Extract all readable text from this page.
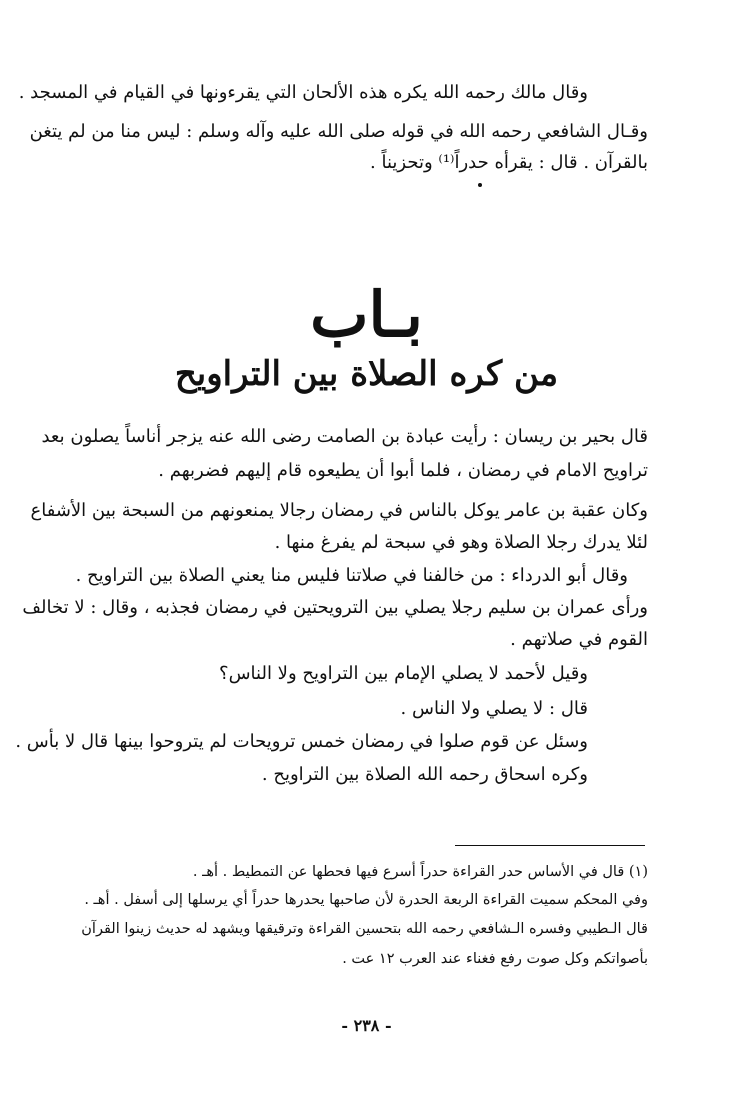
وقال مالك رحمه الله يكره هذه الألحان التي يقرءونها في القيام في المسجد .
وقـال الشافعي رحمه الله في قوله صلى الله عليه وآله وسلم : ليس منا من لم يتغن
بالقرآن . قال : يقرأه حدراً⁽¹⁾ وتحزيناً .
بـاب
من كره الصلاة بين التراويح
قال بحير بن ريسان : رأيت عبادة بن الصامت رضى الله عنه يزجر أناساً يصلون بعد
تراويح الامام في رمضان ، فلما أبوا أن يطيعوه قام إليهم فضربهم .
وكان عقبة بن عامر يوكل بالناس في رمضان رجالا يمنعونهم من السبحة بين الأشفاع
لئلا يدرك رجلا الصلاة وهو في سبحة لم يفرغ منها .
وقال أبو الدرداء : من خالفنا في صلاتنا فليس منا يعني الصلاة بين التراويح .
ورأى عمران بن سليم رجلا يصلي بين الترويحتين في رمضان فجذبه ، وقال : لا تخالف
القوم في صلاتهم .
وقيل لأحمد لا يصلي الإمام بين التراويح ولا الناس؟
قال : لا يصلي ولا الناس .
وسئل عن قوم صلوا في رمضان خمس ترويحات لم يتروحوا بينها قال لا بأس .
وكره اسحاق رحمه الله الصلاة بين التراويح .
(١) قال في الأساس حدر القراءة حدراً أسرع فيها فحطها عن التمطيط . أهـ .
وفي المحكم سميت القراءة الربعة الحدرة لأن صاحبها يحدرها حدراً أي يرسلها إلى أسفل . أهـ .
قال الـطيبي وفسره الـشافعي رحمه الله بتحسين القراءة وترقيقها ويشهد له حديث زينوا القرآن
بأصواتكم وكل صوت رفع فغناء عند العرب ١٢ عت .
- ٢٣٨ -
